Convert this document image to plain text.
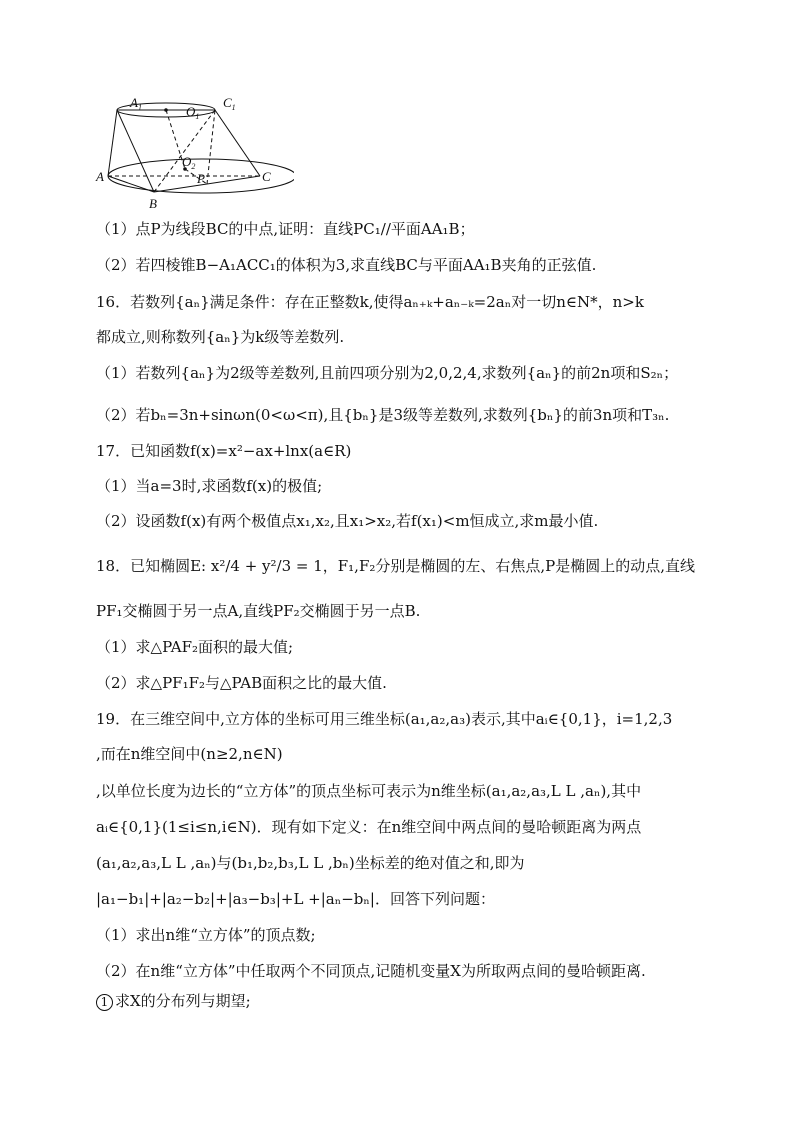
$A_1$	$O_1$
$C_1$
A
$O_2$
P	C
B
（1）点P为线段BC的中点,证明：直线PC₁//平面AA₁B；
（2）若四棱锥B−A₁ACC₁的体积为3,求直线BC与平面AA₁B夹角的正弦值.
16．若数列{aₙ}满足条件：存在正整数k,使得aₙ₊ₖ+aₙ₋ₖ=2aₙ对一切n∈N*，n>k
都成立,则称数列{aₙ}为k级等差数列.
（1）若数列{aₙ}为2级等差数列,且前四项分别为2,0,2,4,求数列{aₙ}的前2n项和S₂ₙ；
（2）若bₙ=3n+sinωn(0<ω<π),且{bₙ}是3级等差数列,求数列{bₙ}的前3n项和T₃ₙ.
17．已知函数f(x)=x²−ax+lnx(a∈R)
（1）当a=3时,求函数f(x)的极值;
（2）设函数f(x)有两个极值点x₁,x₂,且x₁>x₂,若f(x₁)<m恒成立,求m最小值.
18．已知椭圆E: x²/4 + y²/3 = 1，F₁,F₂分别是椭圆的左、右焦点,P是椭圆上的动点,直线
PF₁交椭圆于另一点A,直线PF₂交椭圆于另一点B.
（1）求△PAF₂面积的最大值;
（2）求△PF₁F₂与△PAB面积之比的最大值.
19．在三维空间中,立方体的坐标可用三维坐标(a₁,a₂,a₃)表示,其中aᵢ∈{0,1}，i=1,2,3
,而在n维空间中(n≥2,n∈N)
,以单位长度为边长的“立方体”的顶点坐标可表示为n维坐标(a₁,a₂,a₃,L L ,aₙ),其中
aᵢ∈{0,1}(1≤i≤n,i∈N)．现有如下定义：在n维空间中两点间的曼哈顿距离为两点
(a₁,a₂,a₃,L L ,aₙ)与(b₁,b₂,b₃,L L ,bₙ)坐标差的绝对值之和,即为
|a₁−b₁|+|a₂−b₂|+|a₃−b₃|+L +|aₙ−bₙ|．回答下列问题：
（1）求出n维“立方体”的顶点数;
（2）在n维“立方体”中任取两个不同顶点,记随机变量X为所取两点间的曼哈顿距离.
1 求X的分布列与期望;
